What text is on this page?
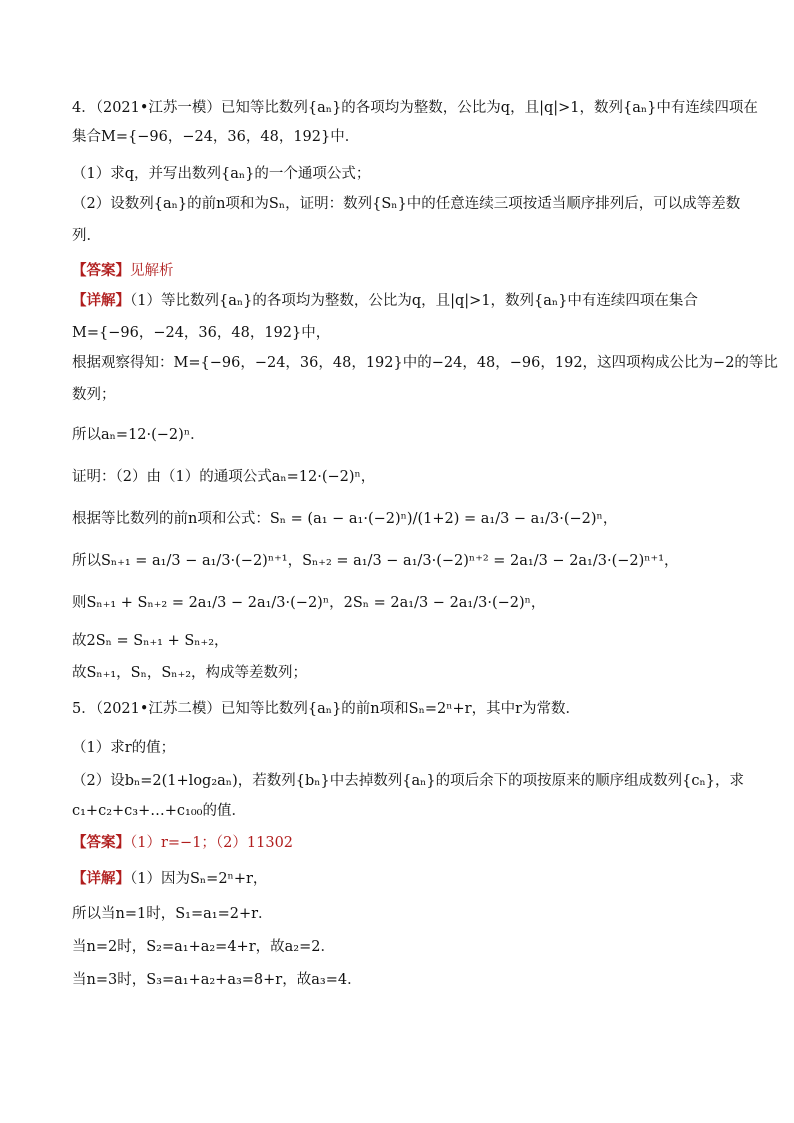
4．（2021•江苏一模）已知等比数列{aₙ}的各项均为整数，公比为q，且|q|>1，数列{aₙ}中有连续四项在
集合M={−96，−24，36，48，192}中．
（1）求q，并写出数列{aₙ}的一个通项公式；
（2）设数列{aₙ}的前n项和为Sₙ，证明：数列{Sₙ}中的任意连续三项按适当顺序排列后，可以成等差数
列．
【答案】见解析
【详解】（1）等比数列{aₙ}的各项均为整数，公比为q，且|q|>1，数列{aₙ}中有连续四项在集合
M={−96，−24，36，48，192}中，
根据观察得知：M={−96，−24，36，48，192}中的−24，48，−96，192，这四项构成公比为−2的等比
数列；
所以aₙ=12·(−2)ⁿ．
证明：（2）由（1）的通项公式aₙ=12·(−2)ⁿ，
根据等比数列的前n项和公式：Sₙ = (a₁ − a₁·(−2)ⁿ)/(1+2) = a₁/3 − a₁/3·(−2)ⁿ，
所以Sₙ₊₁ = a₁/3 − a₁/3·(−2)ⁿ⁺¹，Sₙ₊₂ = a₁/3 − a₁/3·(−2)ⁿ⁺² = 2a₁/3 − 2a₁/3·(−2)ⁿ⁺¹，
则Sₙ₊₁ + Sₙ₊₂ = 2a₁/3 − 2a₁/3·(−2)ⁿ，2Sₙ = 2a₁/3 − 2a₁/3·(−2)ⁿ，
故2Sₙ = Sₙ₊₁ + Sₙ₊₂，
故Sₙ₊₁，Sₙ，Sₙ₊₂，构成等差数列；
5．（2021•江苏二模）已知等比数列{aₙ}的前n项和Sₙ=2ⁿ+r，其中r为常数．
（1）求r的值；
（2）设bₙ=2(1+log₂aₙ)，若数列{bₙ}中去掉数列{aₙ}的项后余下的项按原来的顺序组成数列{cₙ}，求
c₁+c₂+c₃+…+c₁₀₀的值．
【答案】（1）r=−1；（2）11302
【详解】（1）因为Sₙ=2ⁿ+r，
所以当n=1时，S₁=a₁=2+r．
当n=2时，S₂=a₁+a₂=4+r，故a₂=2．
当n=3时，S₃=a₁+a₂+a₃=8+r，故a₃=4．
